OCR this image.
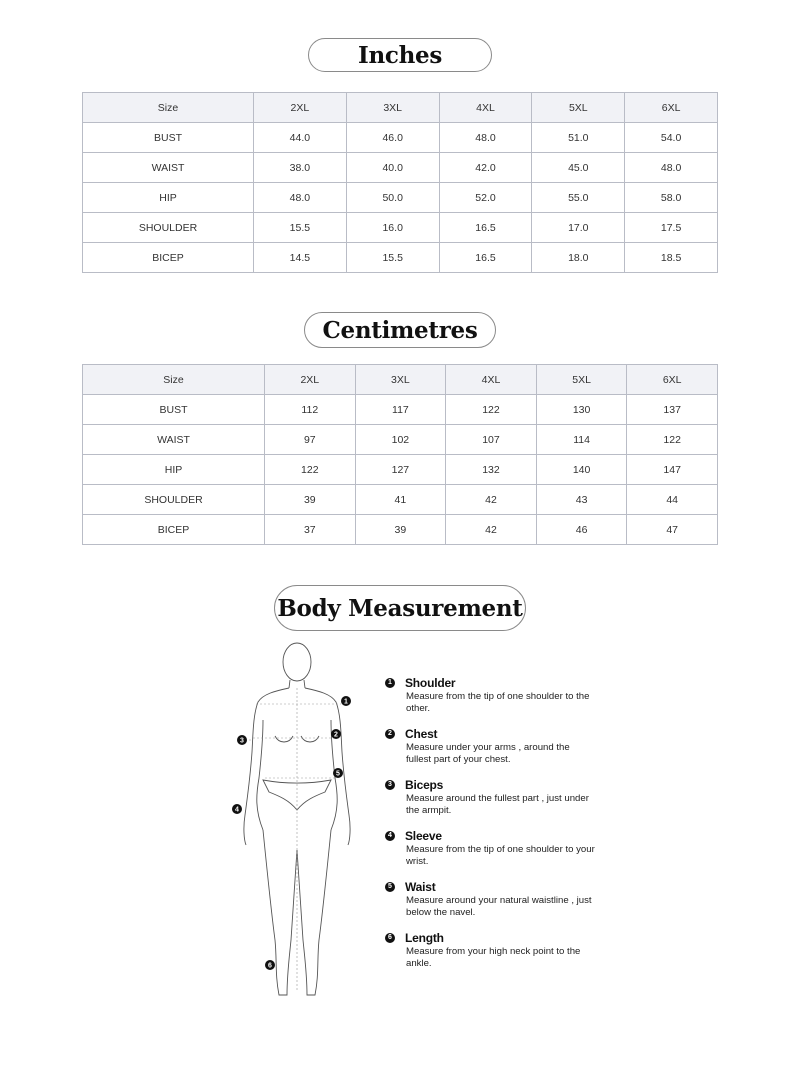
Inches
Size	2XL	3XL	4XL	5XL	6XL
BUST	44.0	46.0	48.0	51.0	54.0
WAIST	38.0	40.0	42.0	45.0	48.0
HIP	48.0	50.0	52.0	55.0	58.0
SHOULDER	15.5	16.0	16.5	17.0	17.5
BICEP	14.5	15.5	16.5	18.0	18.5
Centimetres
Size	2XL	3XL	4XL	5XL	6XL
BUST	112	117	122	130	137
WAIST	97	102	107	114	122
HIP	122	127	132	140	147
SHOULDER	39	41	42	43	44
BICEP	37	39	42	46	47
Body Measurement
1
2
3
4
5
6
1 Shoulder
Measure from the tip of one shoulder to the other.
2 Chest
Measure under your arms , around the fullest part of your chest.
3 Biceps
Measure around the fullest part , just under the armpit.
4 Sleeve
Measure from the tip of one shoulder to your wrist.
5 Waist
Measure around your natural waistline , just below the navel.
6 Length
Measure from your high neck point to the ankle.
